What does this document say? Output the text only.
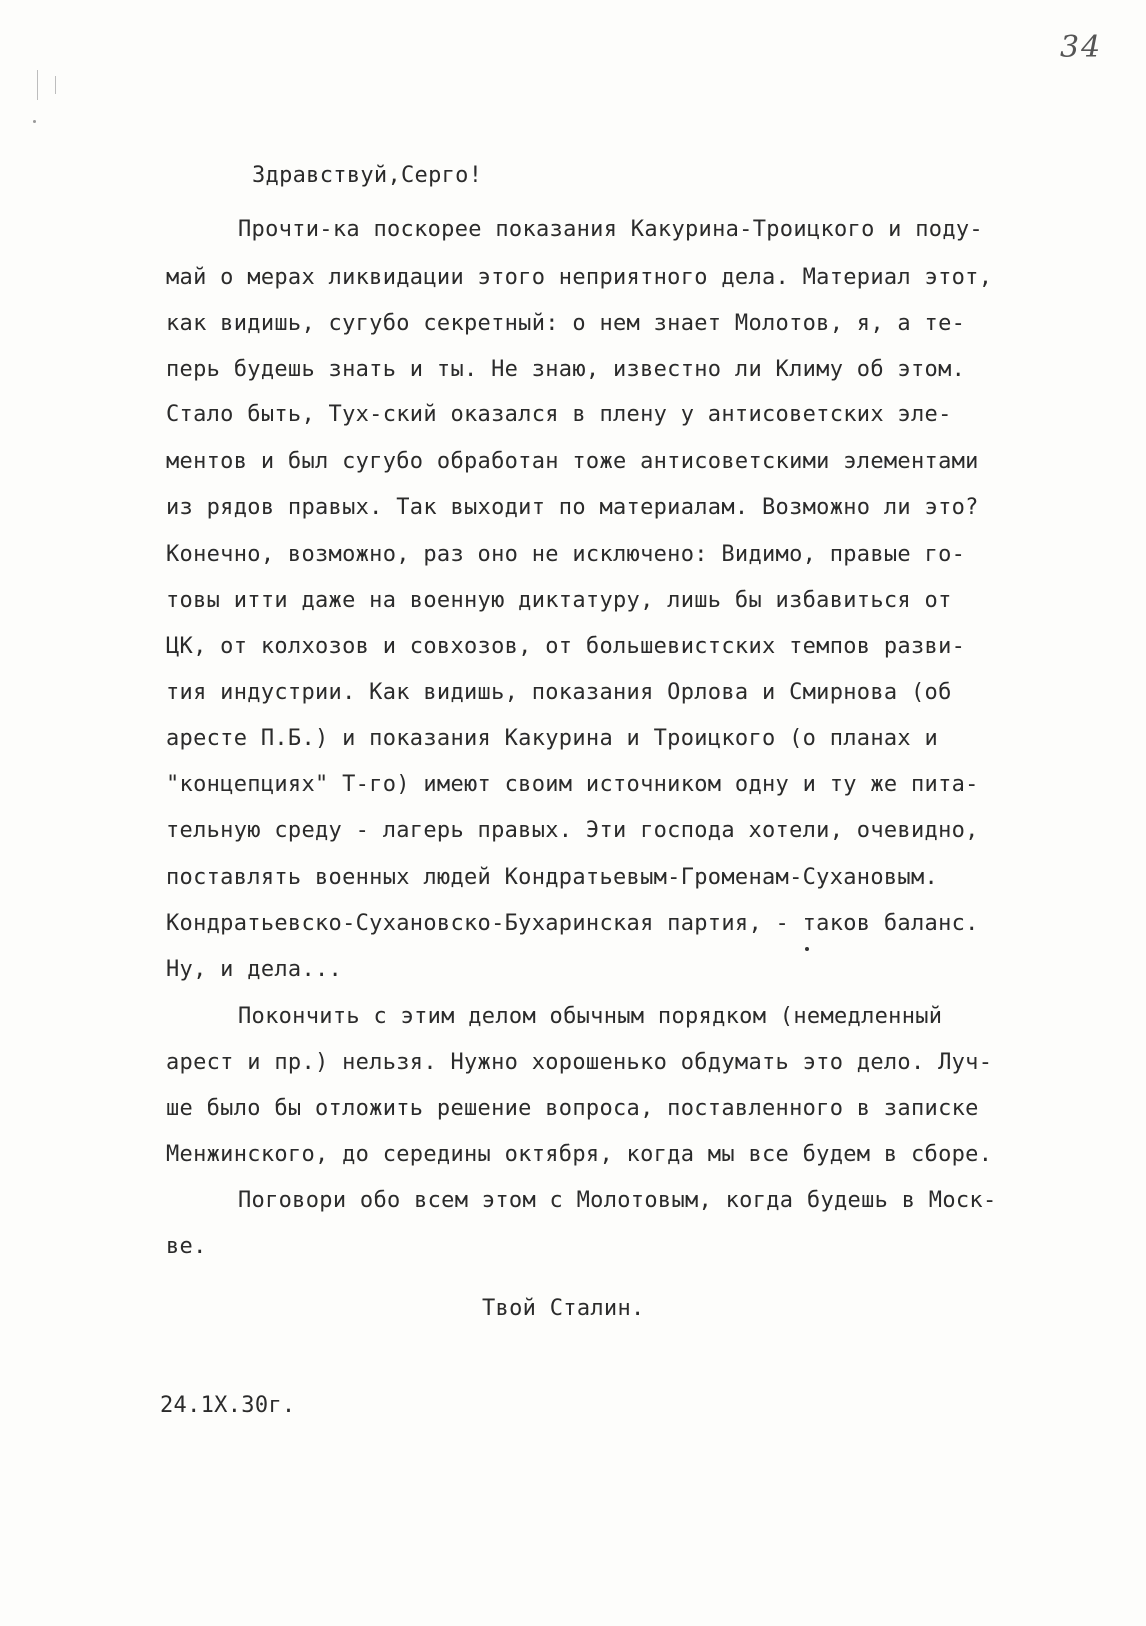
34
Здравствуй,Серго!
Прочти-ка поскорее показания Какурина-Троицкого и поду-
май о мерах ликвидации этого неприятного дела. Материал этот,
как видишь, сугубо секретный: о нем знает Молотов, я, а те-
перь будешь знать и ты. Не знаю, известно ли Климу об этом.
Стало быть, Тух-ский оказался в плену у антисоветских эле-
ментов и был сугубо обработан тоже антисоветскими элементами
из рядов правых. Так выходит по материалам. Возможно ли это?
Конечно, возможно, раз оно не исключено: Видимо, правые го-
товы итти даже на военную диктатуру, лишь бы избавиться от
ЦК, от колхозов и совхозов, от большевистских темпов разви-
тия индустрии. Как видишь, показания Орлова и Смирнова (об
аресте П.Б.) и показания Какурина и Троицкого (о планах и
"концепциях" Т-го) имеют своим источником одну и ту же пита-
тельную среду - лагерь правых. Эти господа хотели, очевидно,
поставлять военных людей Кондратьевым-Громенам-Сухановым.
Кондратьевско-Сухановско-Бухаринская партия, - таков баланс.
Ну, и дела...
Покончить с этим делом обычным порядком (немедленный
арест и пр.) нельзя. Нужно хорошенько обдумать это дело. Луч-
ше было бы отложить решение вопроса, поставленного в записке
Менжинского, до середины октября, когда мы все будем в сборе.
Поговори обо всем этом с Молотовым, когда будешь в Моск-
ве.
Твой Сталин.
24.1Х.30г.
